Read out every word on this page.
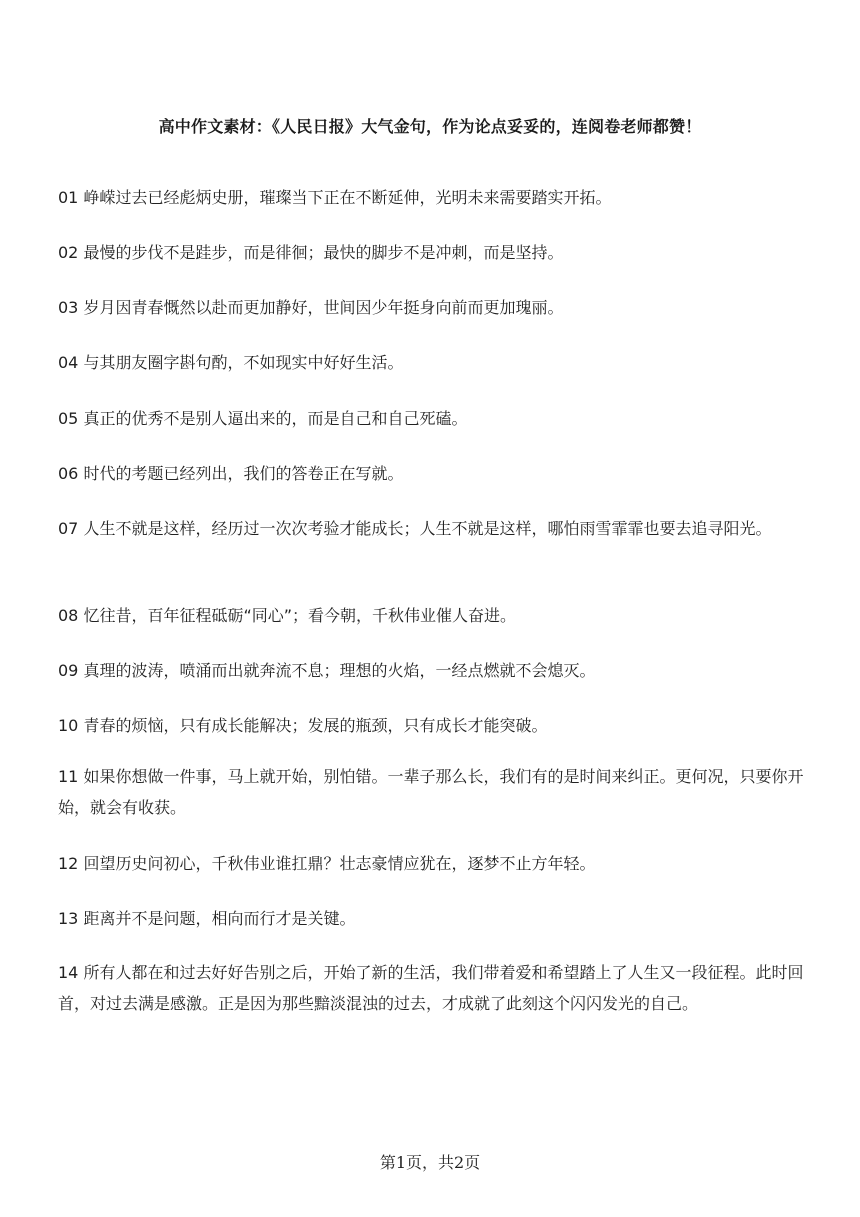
高中作文素材：《人民日报》大气金句，作为论点妥妥的，连阅卷老师都赞！

01 峥嵘过去已经彪炳史册，璀璨当下正在不断延伸，光明未来需要踏实开拓。

02 最慢的步伐不是跬步，而是徘徊；最快的脚步不是冲刺，而是坚持。

03 岁月因青春慨然以赴而更加静好，世间因少年挺身向前而更加瑰丽。

04 与其朋友圈字斟句酌，不如现实中好好生活。

05 真正的优秀不是别人逼出来的，而是自己和自己死磕。

06 时代的考题已经列出，我们的答卷正在写就。

07 人生不就是这样，经历过一次次考验才能成长；人生不就是这样，哪怕雨雪霏霏也要去追寻阳光。

08 忆往昔，百年征程砥砺“同心”；看今朝，千秋伟业催人奋进。

09 真理的波涛，喷涌而出就奔流不息；理想的火焰，一经点燃就不会熄灭。

10 青春的烦恼，只有成长能解决；发展的瓶颈，只有成长才能突破。

11 如果你想做一件事，马上就开始，别怕错。一辈子那么长，我们有的是时间来纠正。更何况，只要你开始，就会有收获。

12 回望历史问初心，千秋伟业谁扛鼎？壮志豪情应犹在，逐梦不止方年轻。

13 距离并不是问题，相向而行才是关键。

14 所有人都在和过去好好告别之后，开始了新的生活，我们带着爱和希望踏上了人生又一段征程。此时回首，对过去满是感激。正是因为那些黯淡混浊的过去，才成就了此刻这个闪闪发光的自己。

第1页，共2页
